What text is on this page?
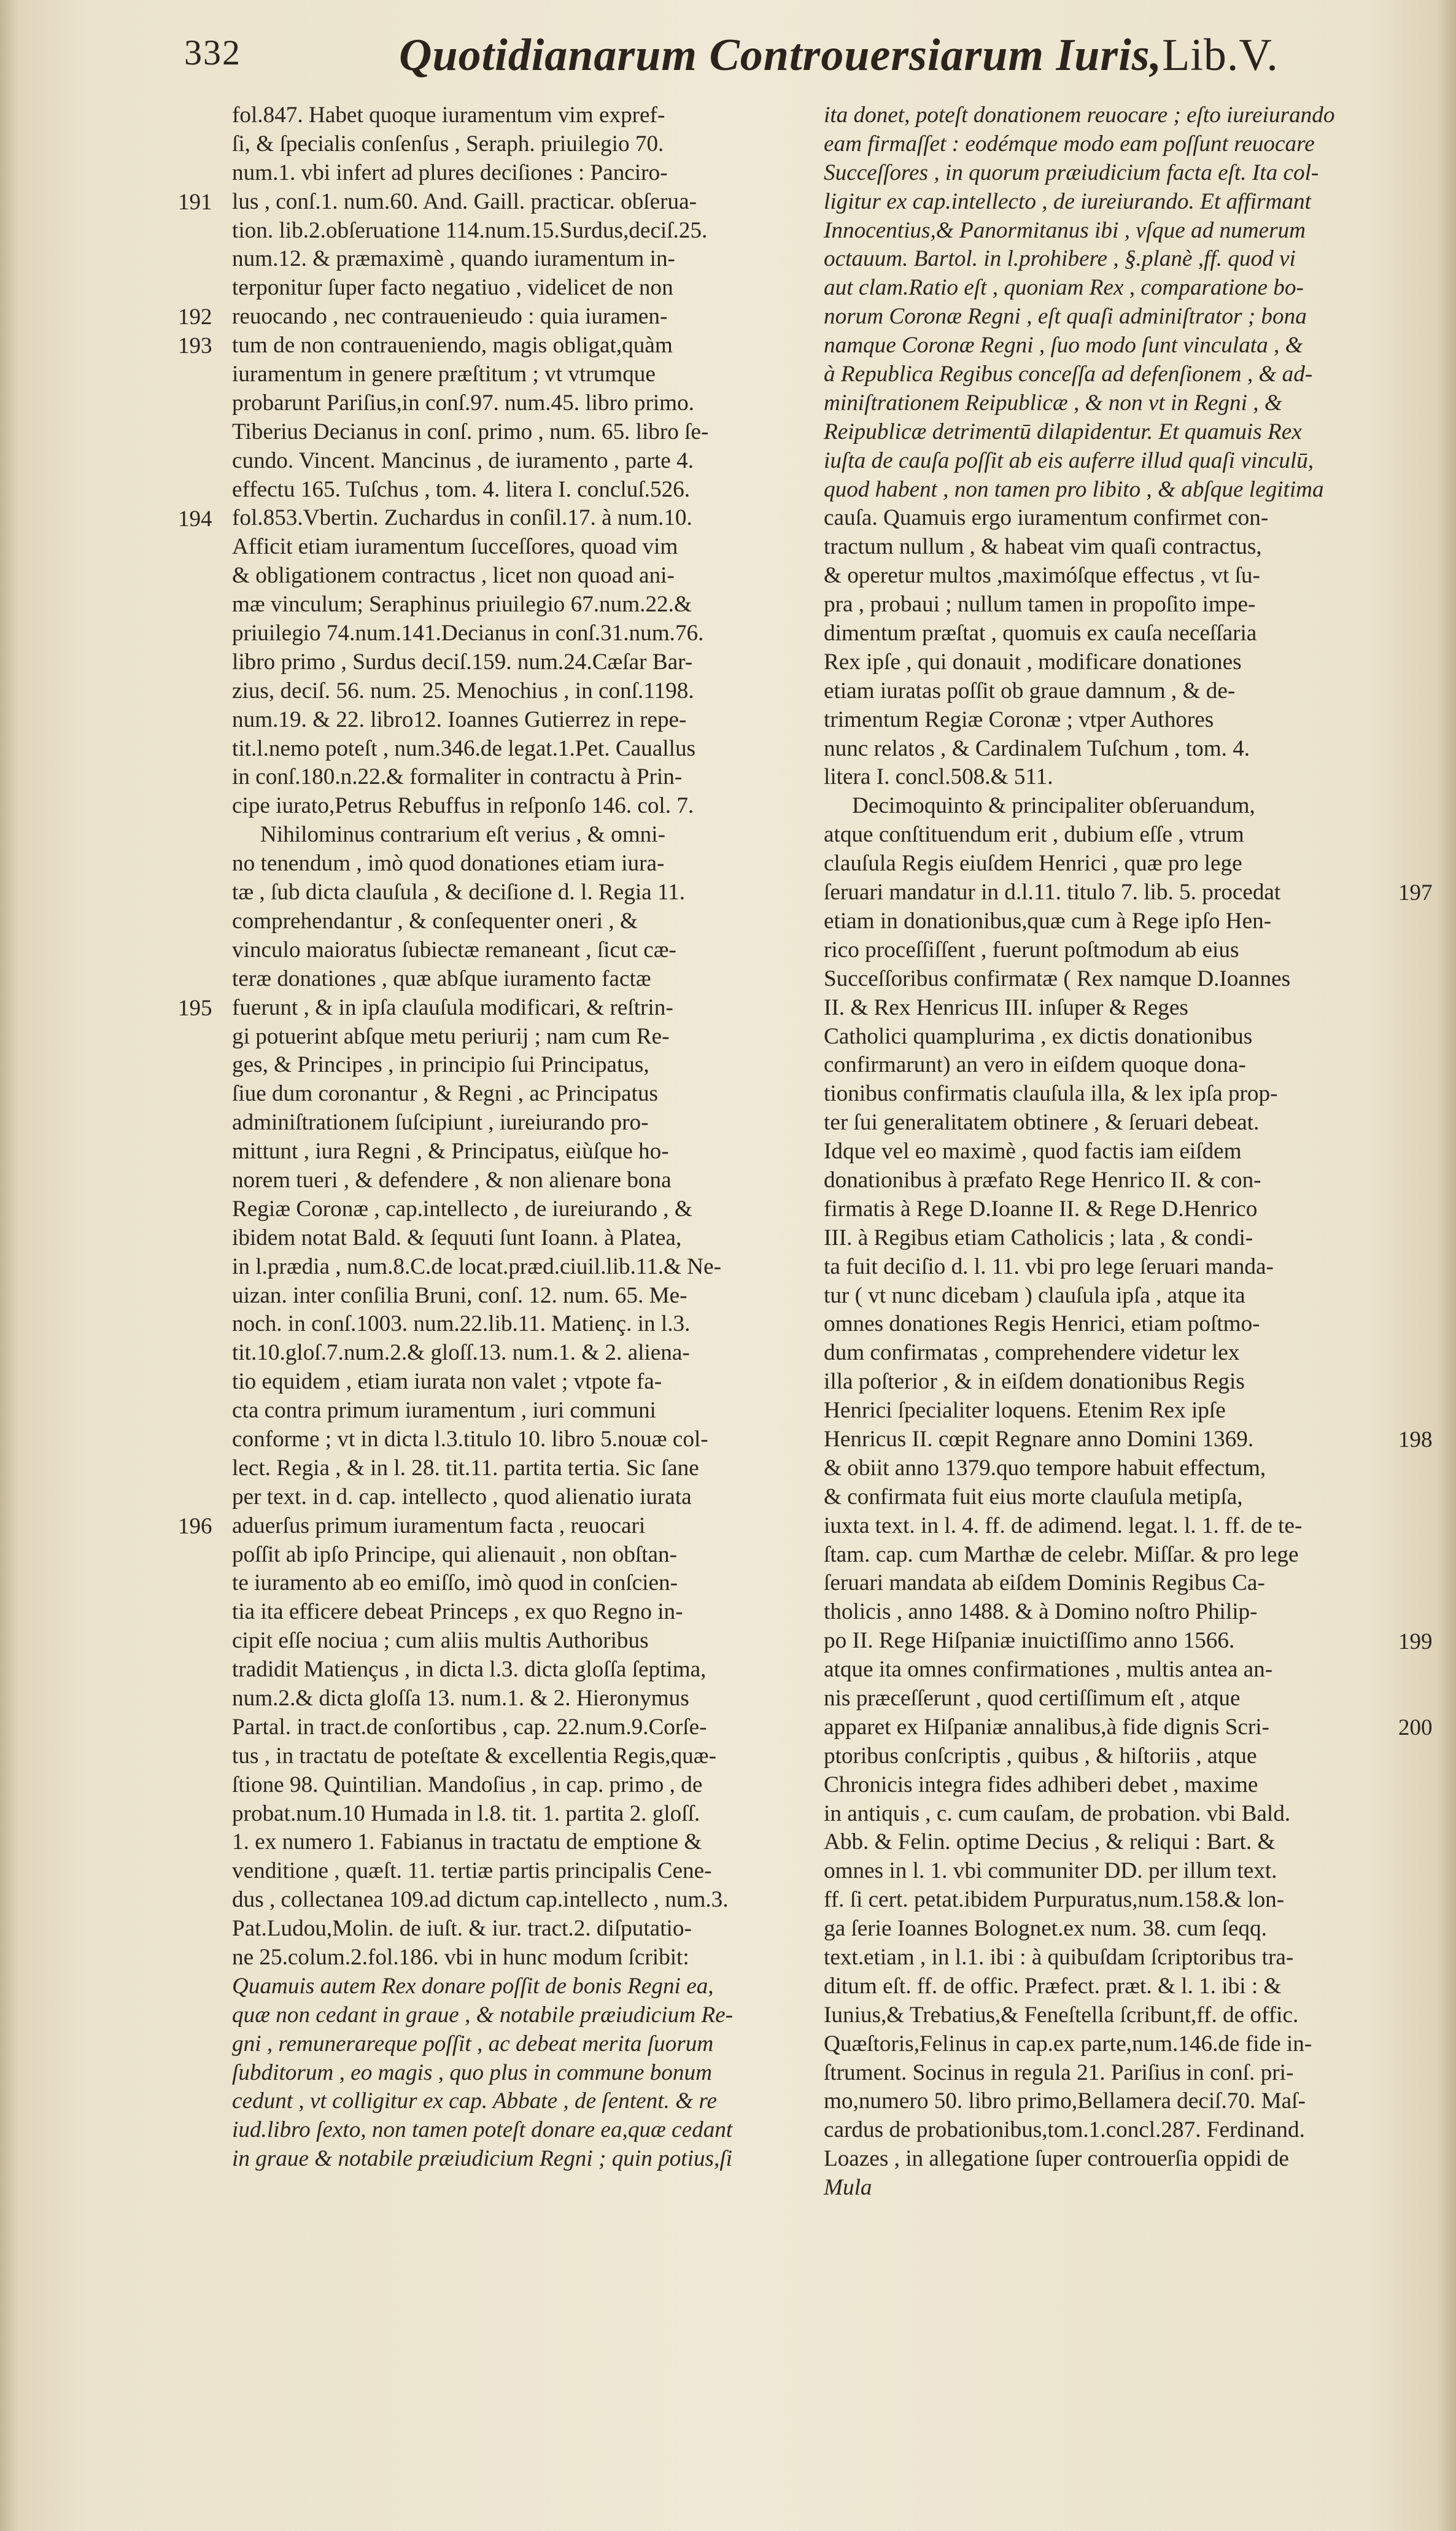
332	Quotidianarum Controuersiarum Iuris,Lib.V.
fol.847. Habet quoque iuramentum vim expref-
ſi, & ſpecialis conſenſus , Seraph. priuilegio 70.
num.1. vbi infert ad plures deciſiones : Panciro-
lus , conſ.1. num.60. And. Gaill. practicar. obſerua-
tion. lib.2.obſeruatione 114.num.15.Surdus,deciſ.25.
num.12. & præmaximè , quando iuramentum in-
terponitur ſuper facto negatiuo , videlicet de non
reuocando , nec contrauenieudo : quia iuramen-
tum de non contraueniendo, magis obligat,quàm
iuramentum in genere præſtitum ; vt vtrumque
probarunt Pariſius,in conſ.97. num.45. libro primo.
Tiberius Decianus in conſ. primo , num. 65. libro ſe-
cundo. Vincent. Mancinus , de iuramento , parte 4.
effectu 165. Tuſchus , tom. 4. litera I. concluſ.526.
fol.853.Vbertin. Zuchardus in conſil.17. à num.10.
Afficit etiam iuramentum ſucceſſores, quoad vim
& obligationem contractus , licet non quoad ani-
mæ vinculum; Seraphinus priuilegio 67.num.22.&
priuilegio 74.num.141.Decianus in conſ.31.num.76.
libro primo , Surdus deciſ.159. num.24.Cæſar Bar-
zius, deciſ. 56. num. 25. Menochius , in conſ.1198.
num.19. & 22. libro12. Ioannes Gutierrez in repe-
tit.l.nemo poteſt , num.346.de legat.1.Pet. Cauallus
in conſ.180.n.22.& formaliter in contractu à Prin-
cipe iurato,Petrus Rebuffus in reſponſo 146. col. 7.
Nihilominus contrarium eſt verius , & omni-
no tenendum , imò quod donationes etiam iura-
tæ , ſub dicta clauſula , & deciſione d. l. Regia 11.
comprehendantur , & conſequenter oneri , &
vinculo maioratus ſubiectæ remaneant , ſicut cæ-
teræ donationes , quæ abſque iuramento factæ
fuerunt , & in ipſa clauſula modificari, & reſtrin-
gi potuerint abſque metu periurij ; nam cum Re-
ges, & Principes , in principio ſui Principatus,
ſiue dum coronantur , & Regni , ac Principatus
adminiſtrationem ſuſcipiunt , iureiurando pro-
mittunt , iura Regni , & Principatus, eiùſque ho-
norem tueri , & defendere , & non alienare bona
Regiæ Coronæ , cap.intellecto , de iureiurando , &
ibidem notat Bald. & ſequuti ſunt Ioann. à Platea,
in l.prædia , num.8.C.de locat.præd.ciuil.lib.11.& Ne-
uizan. inter conſilia Bruni, conſ. 12. num. 65. Me-
noch. in conſ.1003. num.22.lib.11. Matienç. in l.3.
tit.10.gloſ.7.num.2.& gloſſ.13. num.1. & 2. aliena-
tio equidem , etiam iurata non valet ; vtpote fa-
cta contra primum iuramentum , iuri communi
conforme ; vt in dicta l.3.titulo 10. libro 5.nouæ col-
lect. Regia , & in l. 28. tit.11. partita tertia. Sic ſane
per text. in d. cap. intellecto , quod alienatio iurata
aduerſus primum iuramentum facta , reuocari
poſſit ab ipſo Principe, qui alienauit , non obſtan-
te iuramento ab eo emiſſo, imò quod in conſcien-
tia ita efficere debeat Princeps , ex quo Regno in-
cipit eſſe nociua ; cum aliis multis Authoribus
tradidit Matiençus , in dicta l.3. dicta gloſſa ſeptima,
num.2.& dicta gloſſa 13. num.1. & 2. Hieronymus
Partal. in tract.de conſortibus , cap. 22.num.9.Corſe-
tus , in tractatu de poteſtate & excellentia Regis,quæ-
ſtione 98. Quintilian. Mandoſius , in cap. primo , de
probat.num.10 Humada in l.8. tit. 1. partita 2. gloſſ.
1. ex numero 1. Fabianus in tractatu de emptione &
venditione , quæſt. 11. tertiæ partis principalis Cene-
dus , collectanea 109.ad dictum cap.intellecto , num.3.
Pat.Ludou,Molin. de iuſt. & iur. tract.2. diſputatio-
ne 25.colum.2.fol.186. vbi in hunc modum ſcribit:
Quamuis autem Rex donare poſſit de bonis Regni ea,
quæ non cedant in graue , & notabile præiudicium Re-
gni , remunerareque poſſit , ac debeat merita ſuorum
ſubditorum , eo magis , quo plus in commune bonum
cedunt , vt colligitur ex cap. Abbate , de ſentent. & re
iud.libro ſexto, non tamen poteſt donare ea,quæ cedant
in graue & notabile præiudicium Regni ; quin potius,ſi
ita donet, poteſt donationem reuocare ; eſto iureiurando
eam firmaſſet : eodémque modo eam poſſunt reuocare
Succeſſores , in quorum præiudicium facta eſt. Ita col-
ligitur ex cap.intellecto , de iureiurando. Et affirmant
Innocentius,& Panormitanus ibi , vſque ad numerum
octauum. Bartol. in l.prohibere , §.planè ,ff. quod vi
aut clam.Ratio eſt , quoniam Rex , comparatione bo-
norum Coronæ Regni , eſt quaſi adminiſtrator ; bona
namque Coronæ Regni , ſuo modo ſunt vinculata , &
à Republica Regibus conceſſa ad defenſionem , & ad-
miniſtrationem Reipublicæ , & non vt in Regni , &
Reipublicæ detrimentū dilapidentur. Et quamuis Rex
iuſta de cauſa poſſit ab eis auferre illud quaſi vinculū,
quod habent , non tamen pro libito , & abſque legitima
cauſa. Quamuis ergo iuramentum confirmet con-
tractum nullum , & habeat vim quaſi contractus,
& operetur multos ,maximóſque effectus , vt ſu-
pra , probaui ; nullum tamen in propoſito impe-
dimentum præſtat , quomuis ex cauſa neceſſaria
Rex ipſe , qui donauit , modificare donationes
etiam iuratas poſſit ob graue damnum , & de-
trimentum Regiæ Coronæ ; vtper Authores
nunc relatos , & Cardinalem Tuſchum , tom. 4.
litera I. concl.508.& 511.
Decimoquinto & principaliter obſeruandum,
atque conſtituendum erit , dubium eſſe , vtrum
clauſula Regis eiuſdem Henrici , quæ pro lege
ſeruari mandatur in d.l.11. titulo 7. lib. 5. procedat
etiam in donationibus,quæ cum à Rege ipſo Hen-
rico proceſſiſſent , fuerunt poſtmodum ab eius
Succeſſoribus confirmatæ ( Rex namque D.Ioannes
II. & Rex Henricus III. inſuper & Reges
Catholici quamplurima , ex dictis donationibus
confirmarunt) an vero in eiſdem quoque dona-
tionibus confirmatis clauſula illa, & lex ipſa prop-
ter ſui generalitatem obtinere , & ſeruari debeat.
Idque vel eo maximè , quod factis iam eiſdem
donationibus à præfato Rege Henrico II. & con-
firmatis à Rege D.Ioanne II. & Rege D.Henrico
III. à Regibus etiam Catholicis ; lata , & condi-
ta fuit deciſio d. l. 11. vbi pro lege ſeruari manda-
tur ( vt nunc dicebam ) clauſula ipſa , atque ita
omnes donationes Regis Henrici, etiam poſtmo-
dum confirmatas , comprehendere videtur lex
illa poſterior , & in eiſdem donationibus Regis
Henrici ſpecialiter loquens. Etenim Rex ipſe
Henricus II. cœpit Regnare anno Domini 1369.
& obiit anno 1379.quo tempore habuit effectum,
& confirmata fuit eius morte clauſula metipſa,
iuxta text. in l. 4. ff. de adimend. legat. l. 1. ff. de te-
ſtam. cap. cum Marthæ de celebr. Miſſar. & pro lege
ſeruari mandata ab eiſdem Dominis Regibus Ca-
tholicis , anno 1488. & à Domino noſtro Philip-
po II. Rege Hiſpaniæ inuictiſſimo anno 1566.
atque ita omnes confirmationes , multis antea an-
nis præceſſerunt , quod certiſſimum eſt , atque
apparet ex Hiſpaniæ annalibus,à fide dignis Scri-
ptoribus conſcriptis , quibus , & hiſtoriis , atque
Chronicis integra fides adhiberi debet , maxime
in antiquis , c. cum cauſam, de probation. vbi Bald.
Abb. & Felin. optime Decius , & reliqui : Bart. &
omnes in l. 1. vbi communiter DD. per illum text.
ff. ſi cert. petat.ibidem Purpuratus,num.158.& lon-
ga ſerie Ioannes Bolognet.ex num. 38. cum ſeqq.
text.etiam , in l.1. ibi : à quibuſdam ſcriptoribus tra-
ditum eſt. ff. de offic. Præfect. præt. & l. 1. ibi : &
Iunius,& Trebatius,& Feneſtella ſcribunt,ff. de offic.
Quæſtoris,Felinus in cap.ex parte,num.146.de fide in-
ſtrument. Socinus in regula 21. Pariſius in conſ. pri-
mo,numero 50. libro primo,Bellamera deciſ.70. Maſ-
cardus de probationibus,tom.1.concl.287. Ferdinand.
Loazes , in allegatione ſuper controuerſia oppidi de
Mula
191
192
193
194
195
196
197
198
199
200
